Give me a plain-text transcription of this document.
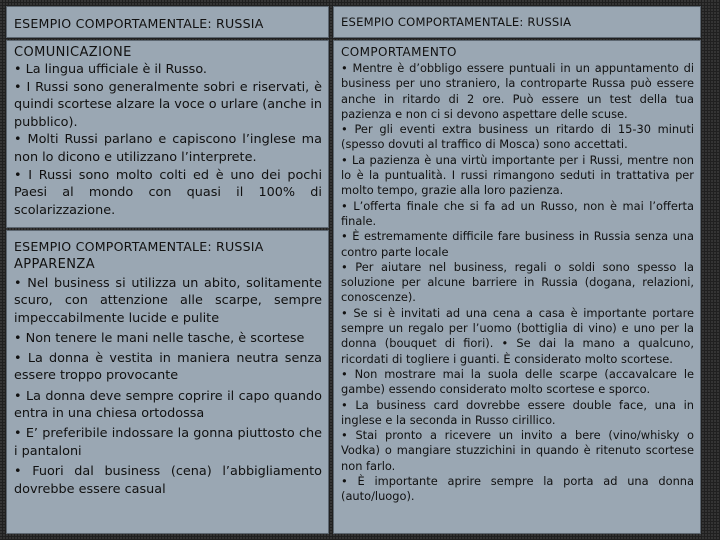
ESEMPIO COMPORTAMENTALE: RUSSIA
COMUNICAZIONE
• La lingua ufficiale è il Russo.
• I Russi sono generalmente sobri e riservati, è quindi scortese alzare la voce o urlare (anche in pubblico).
• Molti Russi parlano e capiscono l’inglese ma non lo dicono e utilizzano l’interprete.
• I Russi sono molto colti ed è uno dei pochi Paesi al mondo con quasi il 100% di scolarizzazione.
ESEMPIO COMPORTAMENTALE: RUSSIA
APPARENZA
• Nel business si utilizza un abito, solitamente scuro, con attenzione alle scarpe, sempre impeccabilmente lucide e pulite
• Non tenere le mani nelle tasche, è scortese
• La donna è vestita in maniera neutra senza essere troppo provocante
• La donna deve sempre coprire il capo quando entra in una chiesa ortodossa
• E’ preferibile indossare la gonna piuttosto che i pantaloni
• Fuori dal business (cena) l’abbigliamento dovrebbe essere casual
ESEMPIO COMPORTAMENTALE: RUSSIA
COMPORTAMENTO
• Mentre è d’obbligo essere puntuali in un appuntamento di business per uno straniero, la controparte Russa può essere anche in ritardo di 2 ore. Può essere un test della tua pazienza e non ci si devono aspettare delle scuse.
• Per gli eventi extra business un ritardo di 15-30 minuti (spesso dovuti al traffico di Mosca) sono accettati.
• La pazienza è una virtù importante per i Russi, mentre non lo è la puntualità. I russi rimangono seduti in trattativa per molto tempo, grazie alla loro pazienza.
• L’offerta finale che si fa ad un Russo, non è mai l’offerta finale.
• È estremamente difficile fare business in Russia senza una contro parte locale
• Per aiutare nel business, regali o soldi sono spesso la soluzione per alcune barriere in Russia (dogana, relazioni, conoscenze).
• Se si è invitati ad una cena a casa è importante portare sempre un regalo per l’uomo (bottiglia di vino) e uno per la donna (bouquet di fiori). • Se dai la mano a qualcuno, ricordati di togliere i guanti. È considerato molto scortese.
• Non mostrare mai la suola delle scarpe (accavalcare le gambe) essendo considerato molto scortese e sporco.
• La business card dovrebbe essere double face, una in inglese e la seconda in Russo cirillico.
• Stai pronto a ricevere un invito a bere (vino/whisky o Vodka) o mangiare stuzzichini in quando è ritenuto scortese non farlo.
• È importante aprire sempre la porta ad una donna (auto/luogo).
